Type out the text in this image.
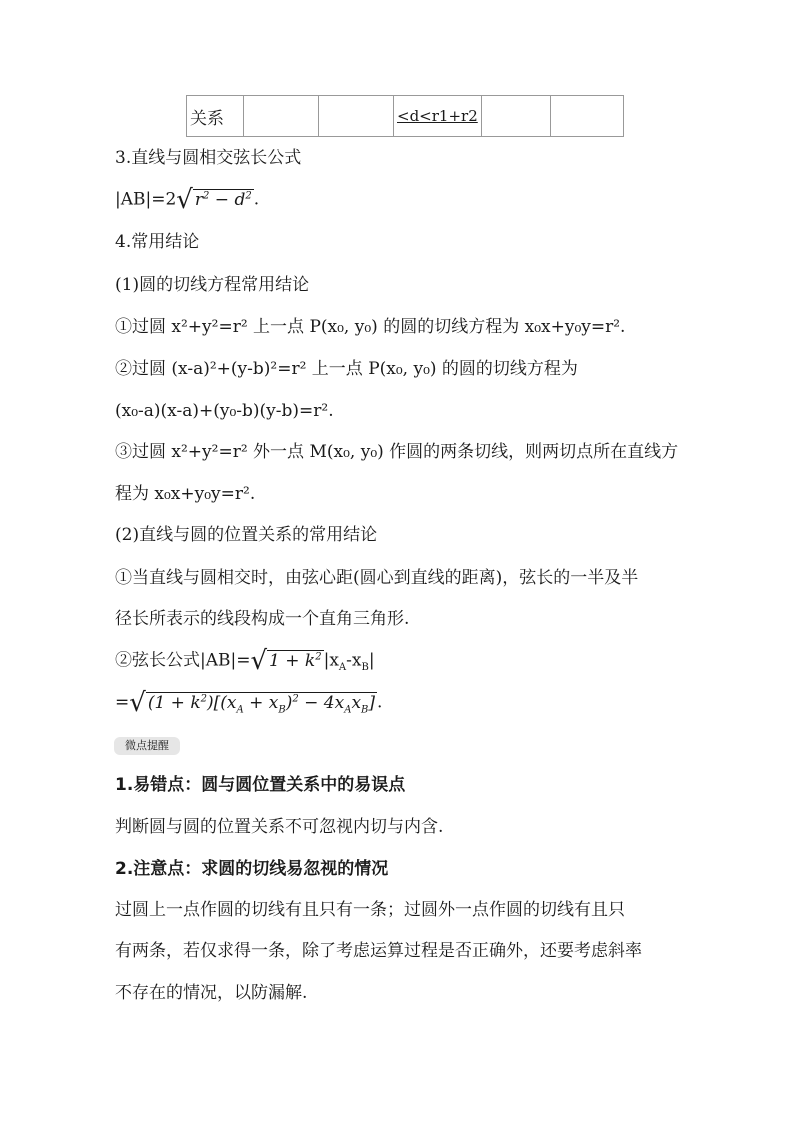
关系			<d<r1+r2		
3.直线与圆相交弦长公式
|AB|=2√ $r^2 - d^2$ .
4.常用结论
(1)圆的切线方程常用结论
①过圆 x²+y²=r² 上一点 P(x₀, y₀) 的圆的切线方程为 x₀x+y₀y=r².
②过圆 (x-a)²+(y-b)²=r² 上一点 P(x₀, y₀) 的圆的切线方程为
(x₀-a)(x-a)+(y₀-b)(y-b)=r².
③过圆 x²+y²=r² 外一点 M(x₀, y₀) 作圆的两条切线，则两切点所在直线方
程为 x₀x+y₀y=r².
(2)直线与圆的位置关系的常用结论
①当直线与圆相交时，由弦心距(圆心到直线的距离)，弦长的一半及半
径长所表示的线段构成一个直角三角形.
②弦长公式|AB|=√ $1 + k^2$ $|x_A-x_B|$
=√ $(1 + k^2)[(x_A + x_B)^2 - 4x_Ax_B]$ .
微点提醒
1.易错点：圆与圆位置关系中的易误点
判断圆与圆的位置关系不可忽视内切与内含.
2.注意点：求圆的切线易忽视的情况
过圆上一点作圆的切线有且只有一条；过圆外一点作圆的切线有且只
有两条，若仅求得一条，除了考虑运算过程是否正确外，还要考虑斜率
不存在的情况，以防漏解.
